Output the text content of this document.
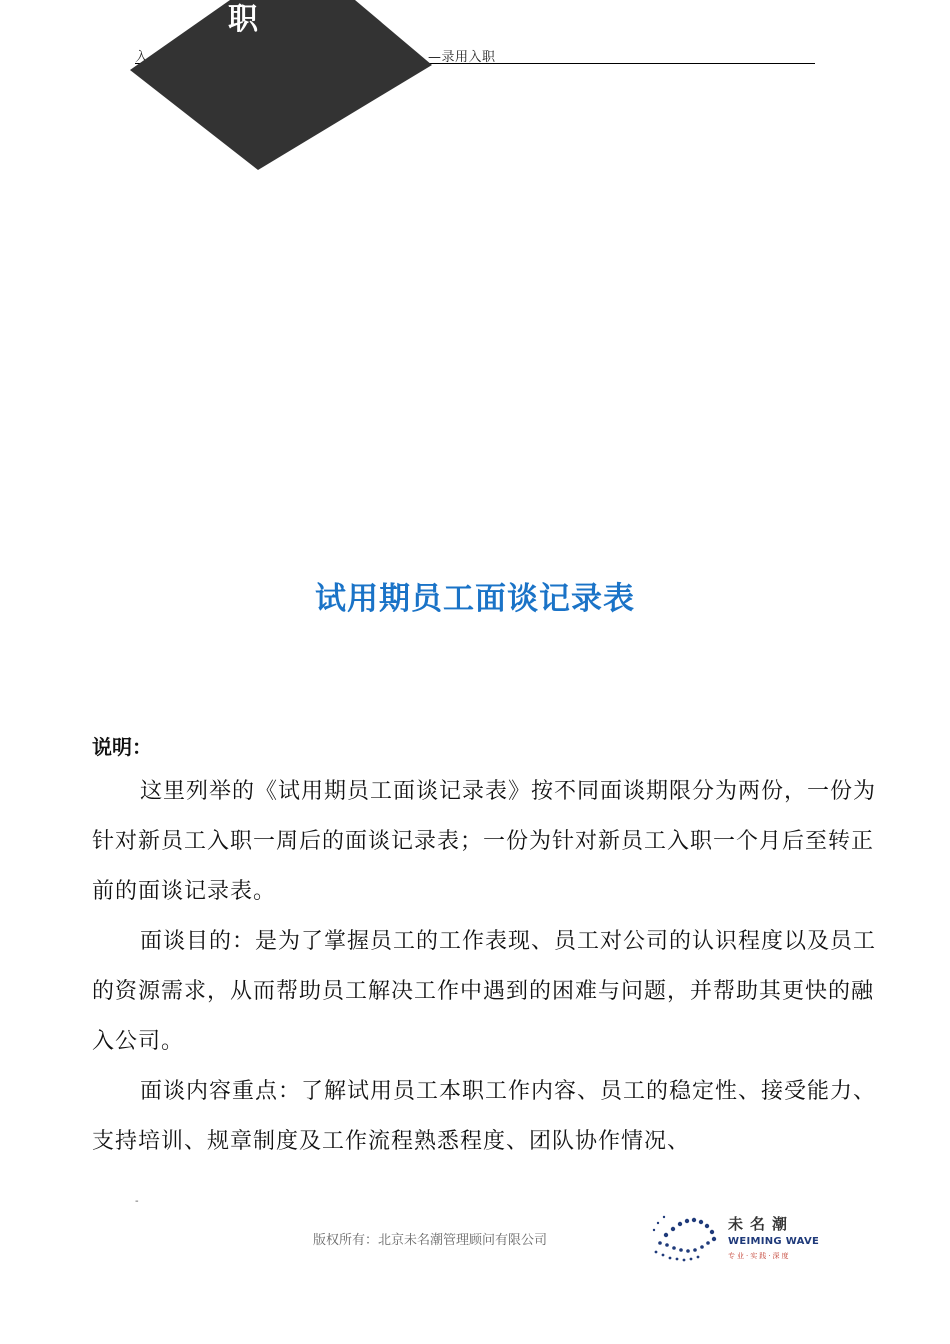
入	—录用入职
职
试用期员工面谈记录表
说明：

这里列举的《试用期员工面谈记录表》按不同面谈期限分为两份，一份为针对新员工入职一周后的面谈记录表；一份为针对新员工入职一个月后至转正前的面谈记录表。

面谈目的：是为了掌握员工的工作表现、员工对公司的认识程度以及员工的资源需求，从而帮助员工解决工作中遇到的困难与问题，并帮助其更快的融入公司。

面谈内容重点：了解试用员工本职工作内容、员工的稳定性、接受能力、支持培训、规章制度及工作流程熟悉程度、团队协作情况、

-
版权所有：北京未名潮管理顾问有限公司
未名潮
WEIMING WAVE
专业·实践·深度
